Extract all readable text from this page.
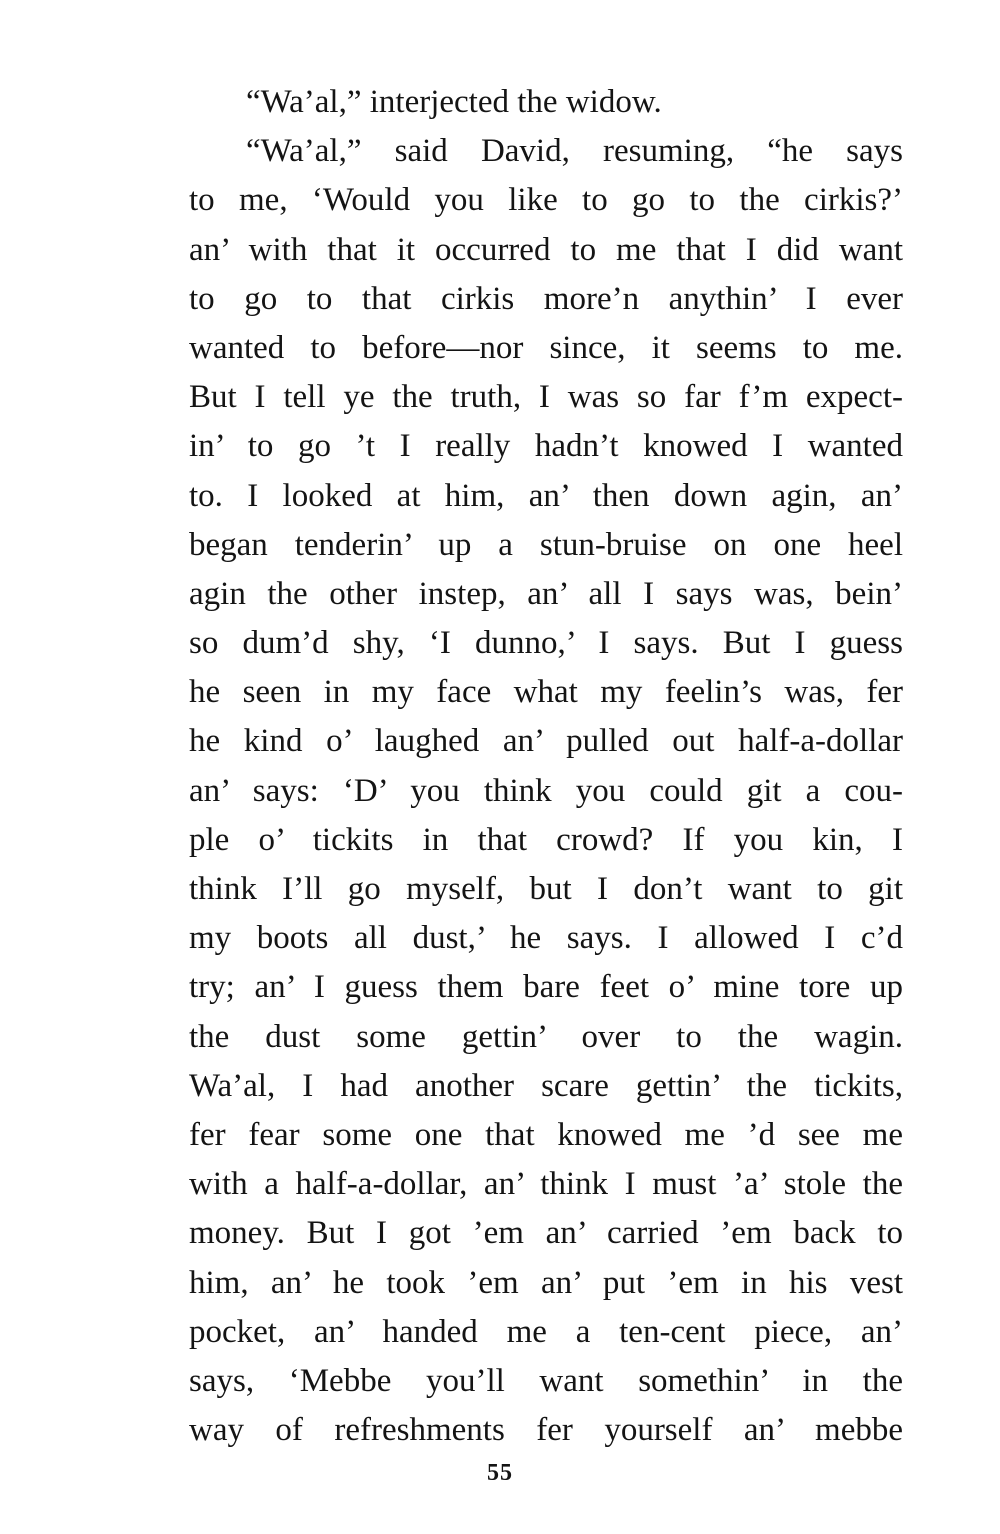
“Wa’al,” interjected the widow.
“Wa’al,” said David, resuming, “he says
to me, ‘Would you like to go to the cirkis?’
an’ with that it occurred to me that I did want
to go to that cirkis more’n anythin’ I ever
wanted to before—nor since, it seems to me.
But I tell ye the truth, I was so far f’m expect-
in’ to go ’t I really hadn’t knowed I wanted
to. I looked at him, an’ then down agin, an’
began tenderin’ up a stun-bruise on one heel
agin the other instep, an’ all I says was, bein’
so dum’d shy, ‘I dunno,’ I says. But I guess
he seen in my face what my feelin’s was, fer
he kind o’ laughed an’ pulled out half-a-dollar
an’ says: ‘D’ you think you could git a cou-
ple o’ tickits in that crowd? If you kin, I
think I’ll go myself, but I don’t want to git
my boots all dust,’ he says. I allowed I c’d
try; an’ I guess them bare feet o’ mine tore up
the dust some gettin’ over to the wagin.
Wa’al, I had another scare gettin’ the tickits,
fer fear some one that knowed me ’d see me
with a half-a-dollar, an’ think I must ’a’ stole the
money. But I got ’em an’ carried ’em back to
him, an’ he took ’em an’ put ’em in his vest
pocket, an’ handed me a ten-cent piece, an’
says, ‘Mebbe you’ll want somethin’ in the
way of refreshments fer yourself an’ mebbe
55
